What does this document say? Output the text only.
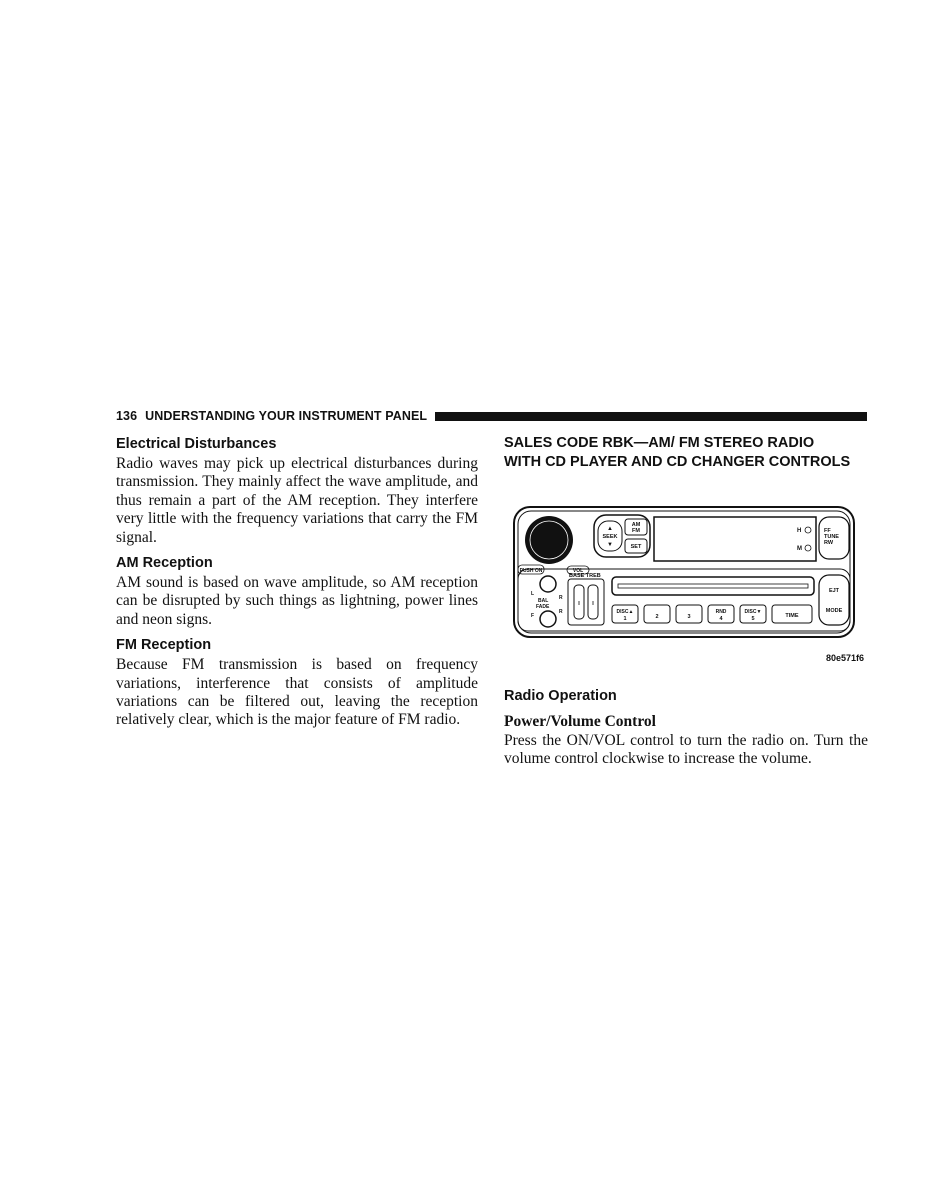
136 UNDERSTANDING YOUR INSTRUMENT PANEL
Electrical Disturbances

Radio waves may pick up electrical disturbances during transmission. They mainly affect the wave amplitude, and thus remain a part of the AM reception. They interfere very little with the frequency variations that carry the FM signal.

AM Reception

AM sound is based on wave amplitude, so AM reception can be disrupted by such things as lightning, power lines and neon signs.

FM Reception

Because FM transmission is based on frequency variations, interference that consists of amplitude variations can be filtered out, leaving the reception relatively clear, which is the major feature of FM radio.

SALES CODE RBK—AM/ FM STEREO RADIO
WITH CD PLAYER AND CD CHANGER CONTROLS
PUSH ON	VOL
▲
SEEK
▼
AM
FM
SET
H
M
FF
TUNE
RW
L
R
BAL
FADE
F
R
BASE TREB
DISC▲
1	2	3
RND
4
DISC▼
5	TIME
EJT
MODE
80e571f6
Radio Operation
Power/Volume Control

Press the ON/VOL control to turn the radio on. Turn the volume control clockwise to increase the volume.
